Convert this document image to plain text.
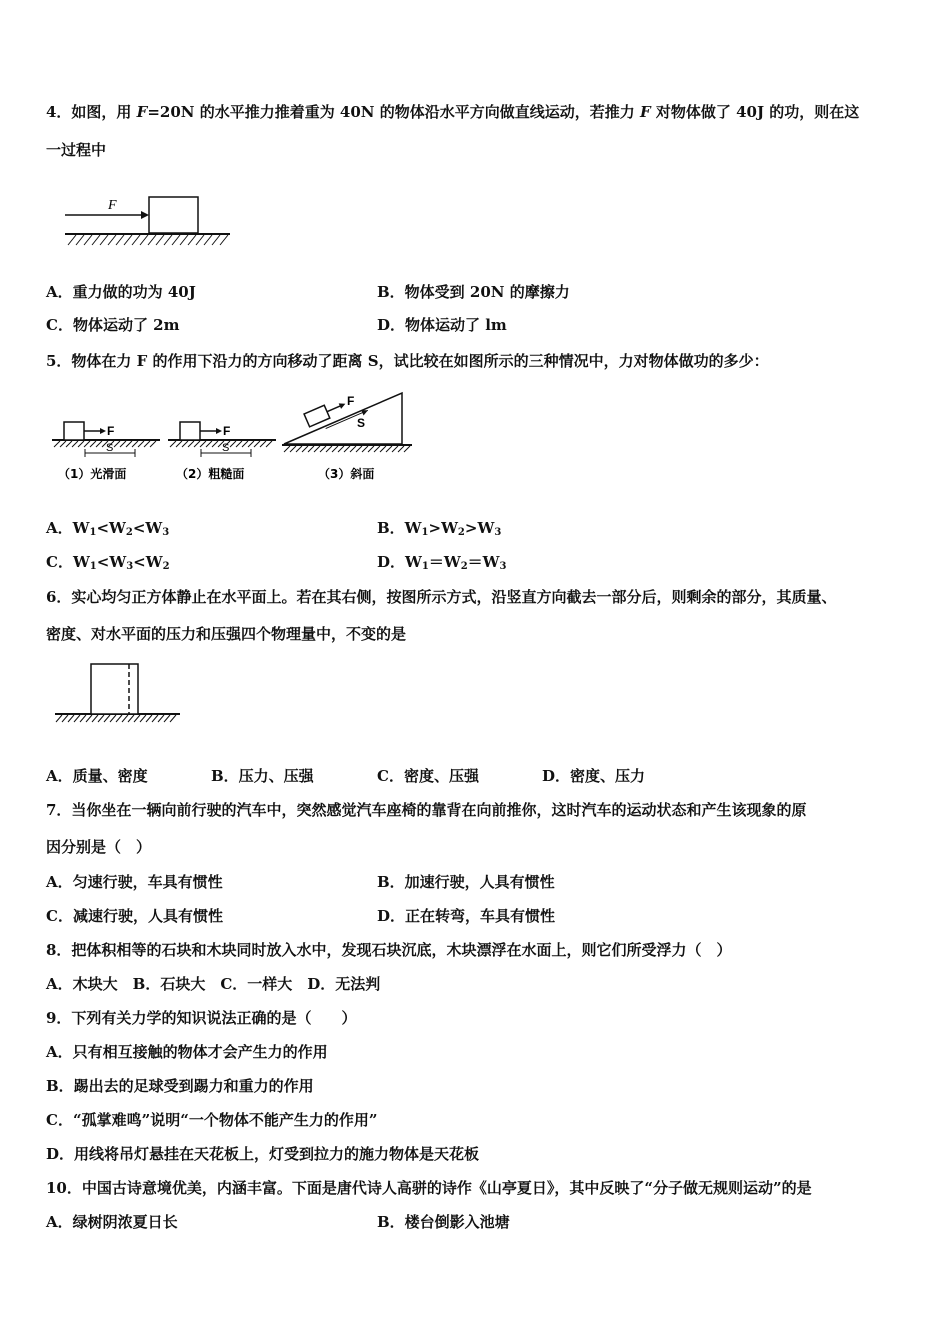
4．如图，用 F=20N 的水平推力推着重为 40N 的物体沿水平方向做直线运动，若推力 F 对物体做了 40J 的功，则在这
一过程中
F
A．重力做的功为 40J	B．物体受到 20N 的摩擦力
C．物体运动了 2m	D．物体运动了 lm
5．物体在力 F 的作用下沿力的方向移动了距离 S，试比较在如图所示的三种情况中，力对物体做功的多少：
F
S
（1）光滑面
F
S
（2）粗糙面
F
S
（3）斜面
A．$W_1<W_2<W_3$	B．$W_1>W_2>W_3$
C．$W_1<W_3<W_2$	D．$W_1=W_2=W_3$
6．实心均匀正方体静止在水平面上。若在其右侧，按图所示方式，沿竖直方向截去一部分后，则剩余的部分，其质量、
密度、对水平面的压力和压强四个物理量中，不变的是
A．质量、密度	B．压力、压强	C．密度、压强	D．密度、压力
7．当你坐在一辆向前行驶的汽车中，突然感觉汽车座椅的靠背在向前推你，这时汽车的运动状态和产生该现象的原
因分别是（　）
A．匀速行驶，车具有惯性	B．加速行驶，人具有惯性
C．减速行驶，人具有惯性	D．正在转弯，车具有惯性
8．把体积相等的石块和木块同时放入水中，发现石块沉底，木块漂浮在水面上，则它们所受浮力（　）
A．木块大　B．石块大　C．一样大　D．无法判
9．下列有关力学的知识说法正确的是（　　）
A．只有相互接触的物体才会产生力的作用
B．踢出去的足球受到踢力和重力的作用
C．“孤掌难鸣”说明“一个物体不能产生力的作用”
D．用线将吊灯悬挂在天花板上，灯受到拉力的施力物体是天花板
10．中国古诗意境优美，内涵丰富。下面是唐代诗人高骈的诗作《山亭夏日》，其中反映了“分子做无规则运动”的是
A．绿树阴浓夏日长	B．楼台倒影入池塘
